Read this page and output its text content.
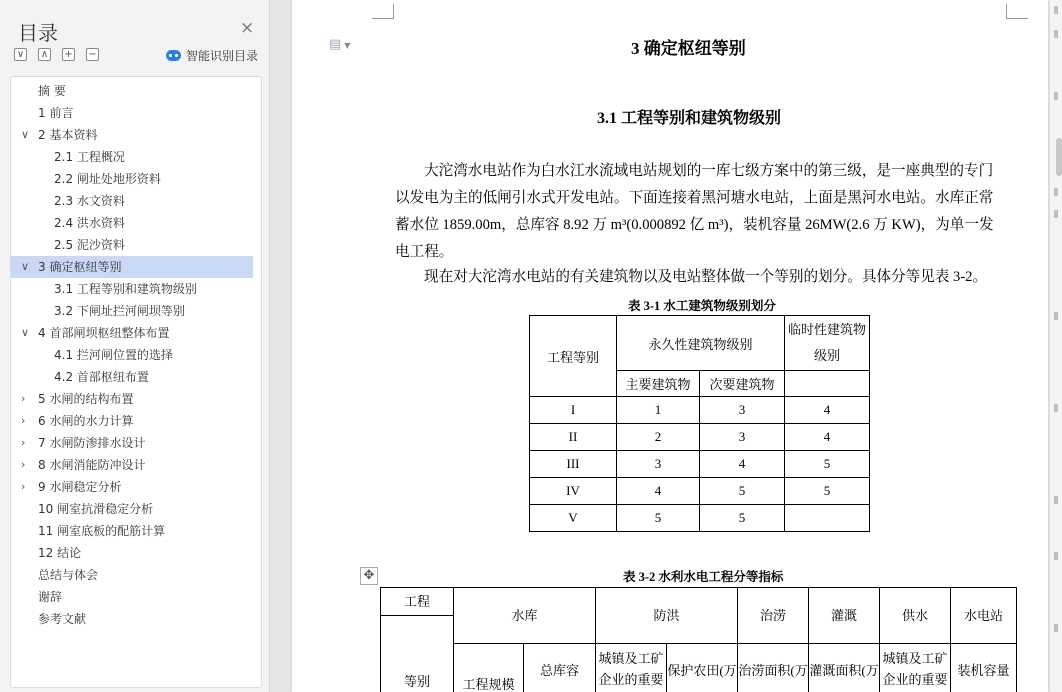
目录	×
∨ ∧ + −	智能识别目录
摘 要
1 前言
∨ 2 基本资料
2.1 工程概况
2.2 闸址处地形资料
2.3 水文资料
2.4 洪水资料
2.5 泥沙资料
∨ 3 确定枢纽等别
3.1 工程等别和建筑物级别
3.2 下闸址拦河闸坝等别
∨ 4 首部闸坝枢纽整体布置
4.1 拦河闸位置的选择
4.2 首部枢纽布置
› 5 水闸的结构布置
› 6 水闸的水力计算
› 7 水闸防渗排水设计
› 8 水闸消能防冲设计
› 9 水闸稳定分析
10 闸室抗滑稳定分析
11 闸室底板的配筋计算
12 结论
总结与体会
谢辞
参考文献
▤ ▼	3 确定枢纽等别
3.1 工程等别和建筑物级别
大沱湾水电站作为白水江水流域电站规划的一库七级方案中的第三级，是一座典型的专门以发电为主的低闸引水式开发电站。下面连接着黑河塘水电站，上面是黑河水电站。水库正常蓄水位 1859.00m，总库容 8.92 万 m³(0.000892 亿 m³)，装机容量 26MW(2.6 万 KW)，为单一发电工程。
现在对大沱湾水电站的有关建筑物以及电站整体做一个等别的划分。具体分等见表 3-2。
表 3-1 水工建筑物级别划分
工程等别	永久性建筑物级别		临时性建筑物级别
	主要建筑物	次要建筑物	
I	1	3	4
II	2	3	4
III	3	4	5
IV	4	5	5
V	5	5	
表 3-2 水利水电工程分等指标
✥
工程	水库		防洪		治涝	灌溉	供水	水电站

等别								

	工程规模	总库容	城镇及工矿企业的重要	保护农田(万	治涝面积(万	灌溉面积(万	城镇及工矿企业的重要	装机容量
